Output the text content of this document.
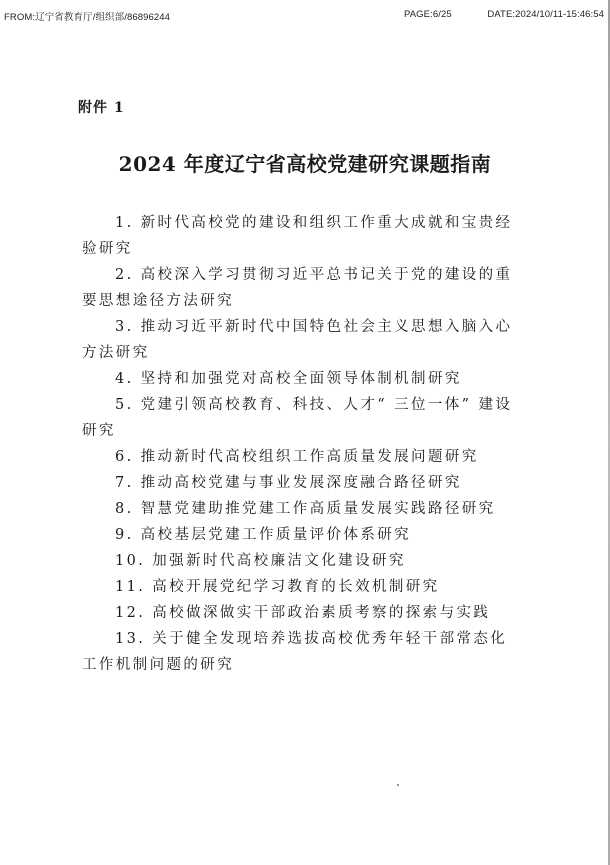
FROM:辽宁省教育厅/组织部/86896244	PAGE:6/25	DATE:2024/10/11-15:46:54
附件 1
2024 年度辽宁省高校党建研究课题指南
1. 新时代高校党的建设和组织工作重大成就和宝贵经验研究
2. 高校深入学习贯彻习近平总书记关于党的建设的重要思想途径方法研究
3. 推动习近平新时代中国特色社会主义思想入脑入心方法研究
4. 坚持和加强党对高校全面领导体制机制研究
5. 党建引领高校教育、科技、人才“ 三位一体” 建设研究
6. 推动新时代高校组织工作高质量发展问题研究
7. 推动高校党建与事业发展深度融合路径研究
8. 智慧党建助推党建工作高质量发展实践路径研究
9. 高校基层党建工作质量评价体系研究
10. 加强新时代高校廉洁文化建设研究
11. 高校开展党纪学习教育的长效机制研究
12. 高校做深做实干部政治素质考察的探索与实践
13. 关于健全发现培养选拔高校优秀年轻干部常态化工作机制问题的研究
